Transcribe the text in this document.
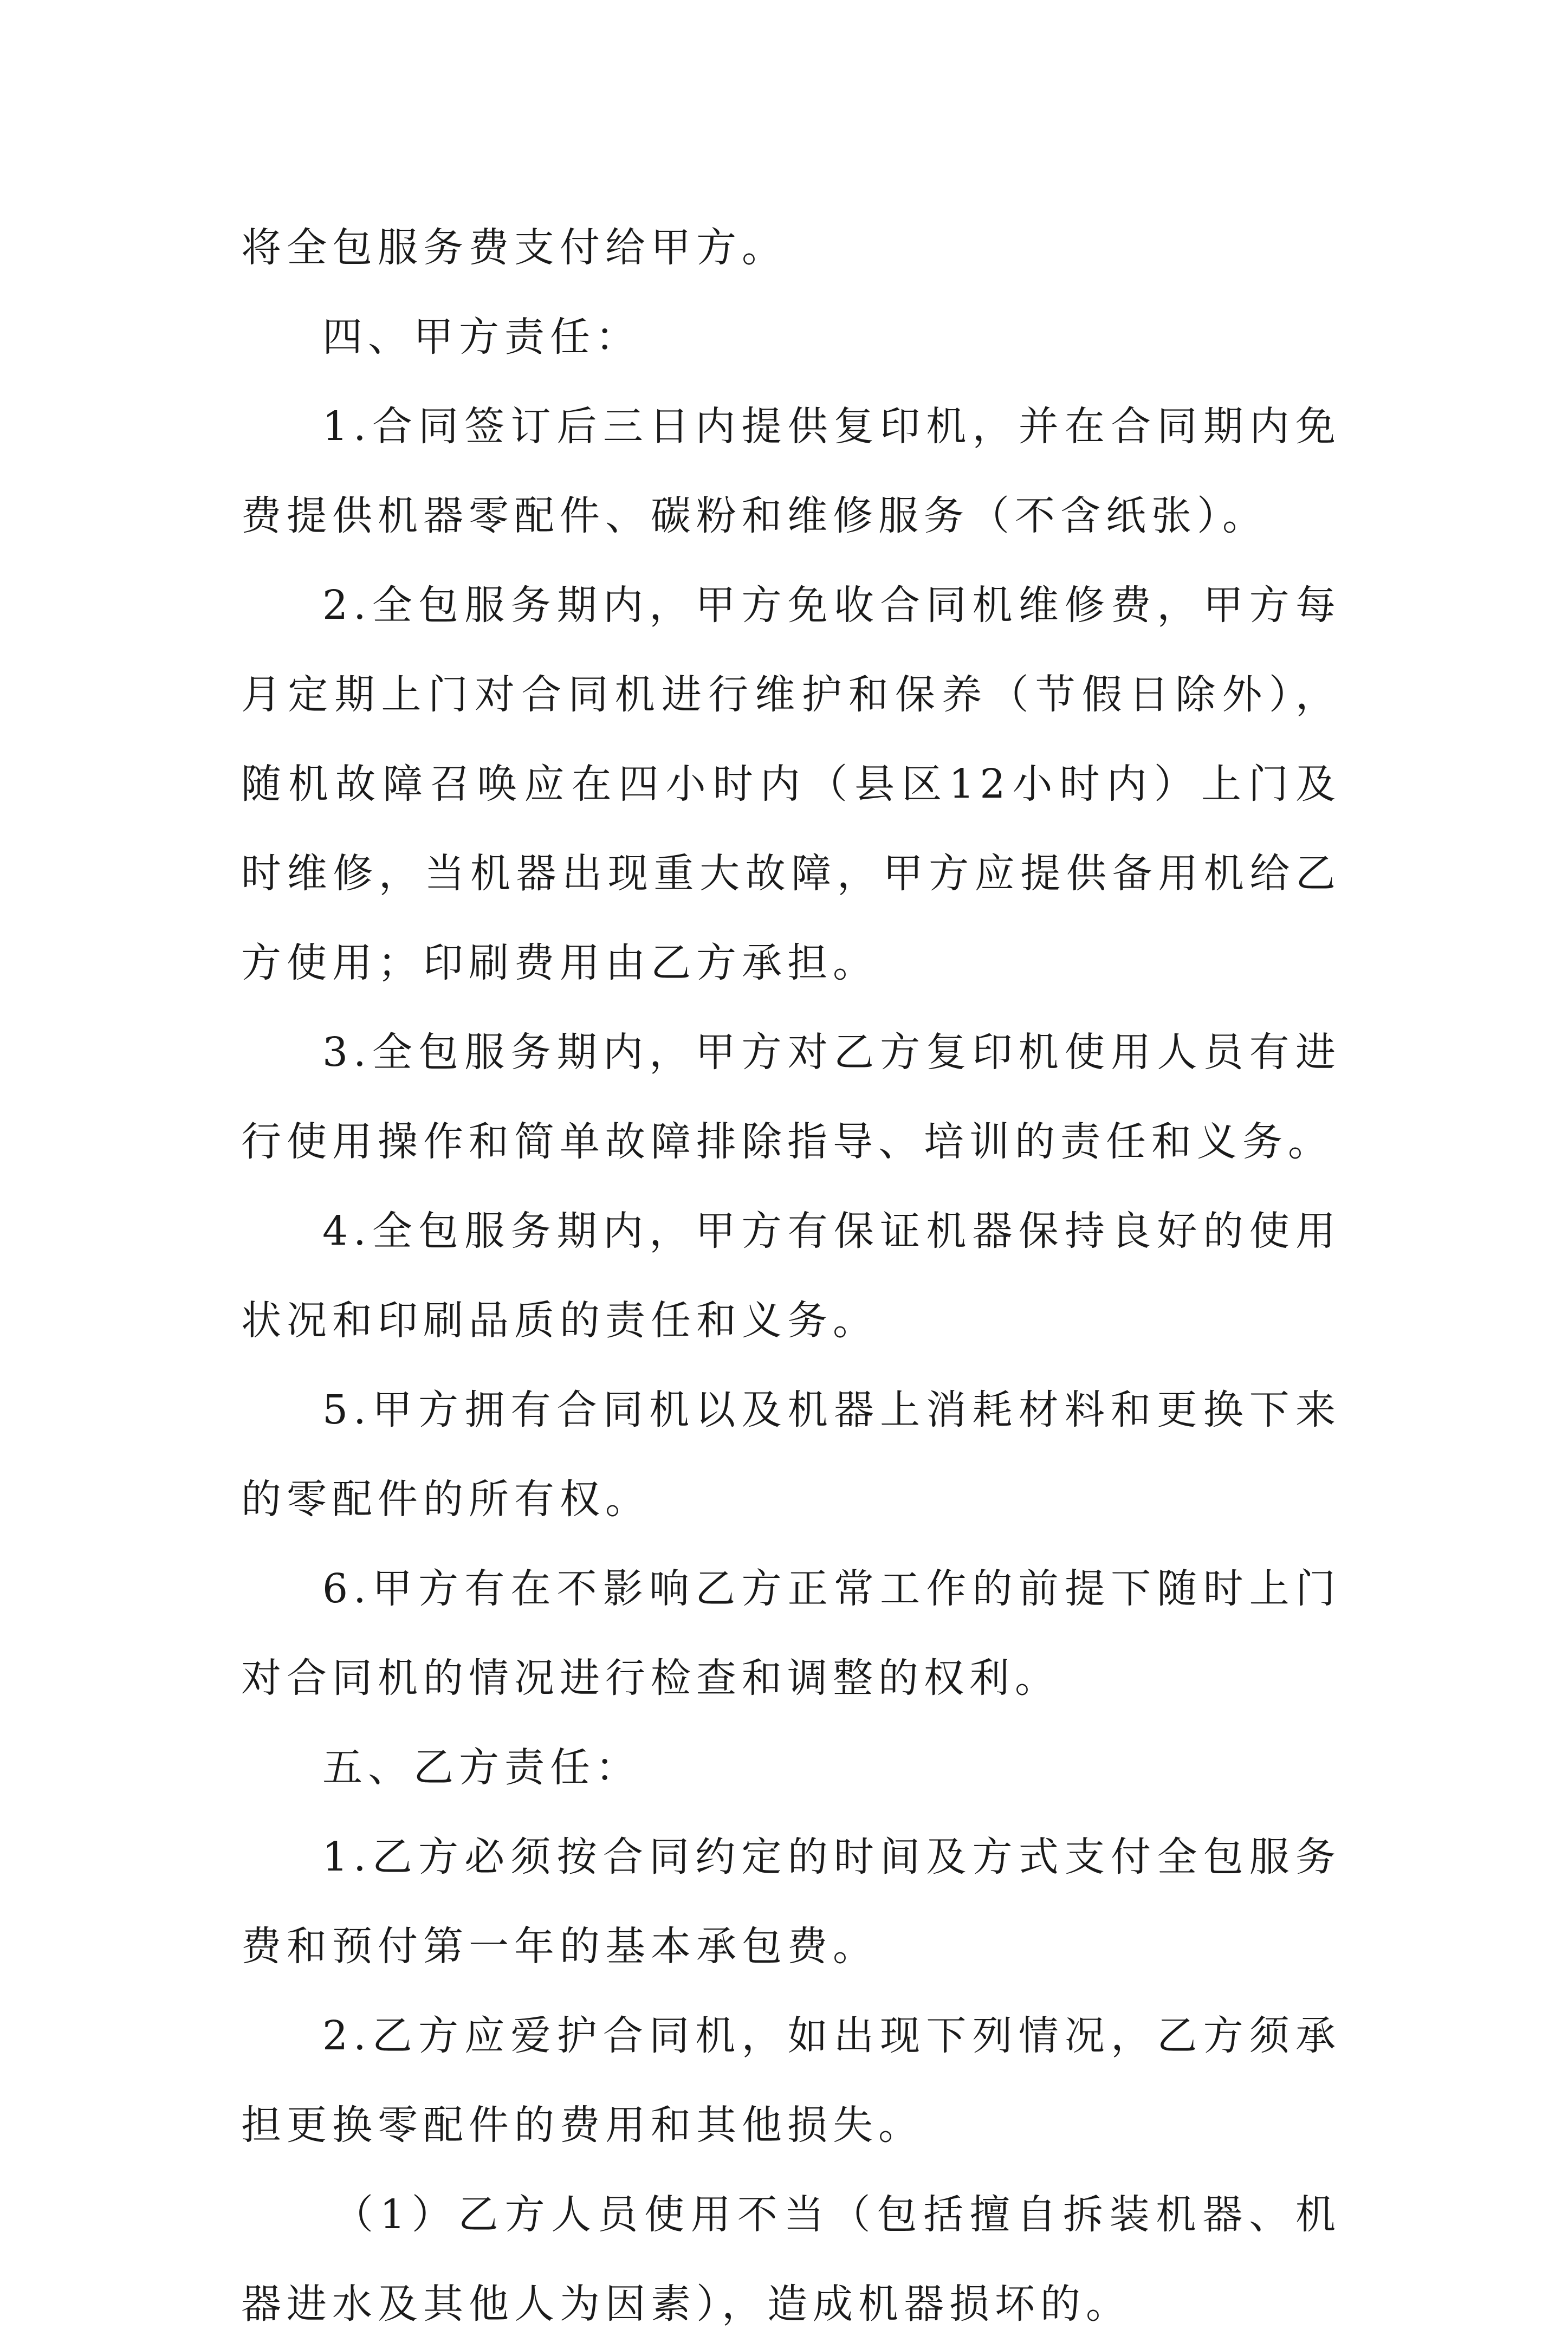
将全包服务费支付给甲方。

四、甲方责任：

1.合同签订后三日内提供复印机，并在合同期内免费提供机器零配件、碳粉和维修服务（不含纸张）。

2.全包服务期内，甲方免收合同机维修费，甲方每月定期上门对合同机进行维护和保养（节假日除外），随机故障召唤应在四小时内（县区12小时内）上门及时维修，当机器出现重大故障，甲方应提供备用机给乙方使用；印刷费用由乙方承担。

3.全包服务期内，甲方对乙方复印机使用人员有进行使用操作和简单故障排除指导、培训的责任和义务。

4.全包服务期内，甲方有保证机器保持良好的使用状况和印刷品质的责任和义务。

5.甲方拥有合同机以及机器上消耗材料和更换下来的零配件的所有权。

6.甲方有在不影响乙方正常工作的前提下随时上门对合同机的情况进行检查和调整的权利。

五、乙方责任：

1.乙方必须按合同约定的时间及方式支付全包服务费和预付第一年的基本承包费。

2.乙方应爱护合同机，如出现下列情况，乙方须承担更换零配件的费用和其他损失。

（1）乙方人员使用不当（包括擅自拆装机器、机器进水及其他人为因素），造成机器损坏的。
